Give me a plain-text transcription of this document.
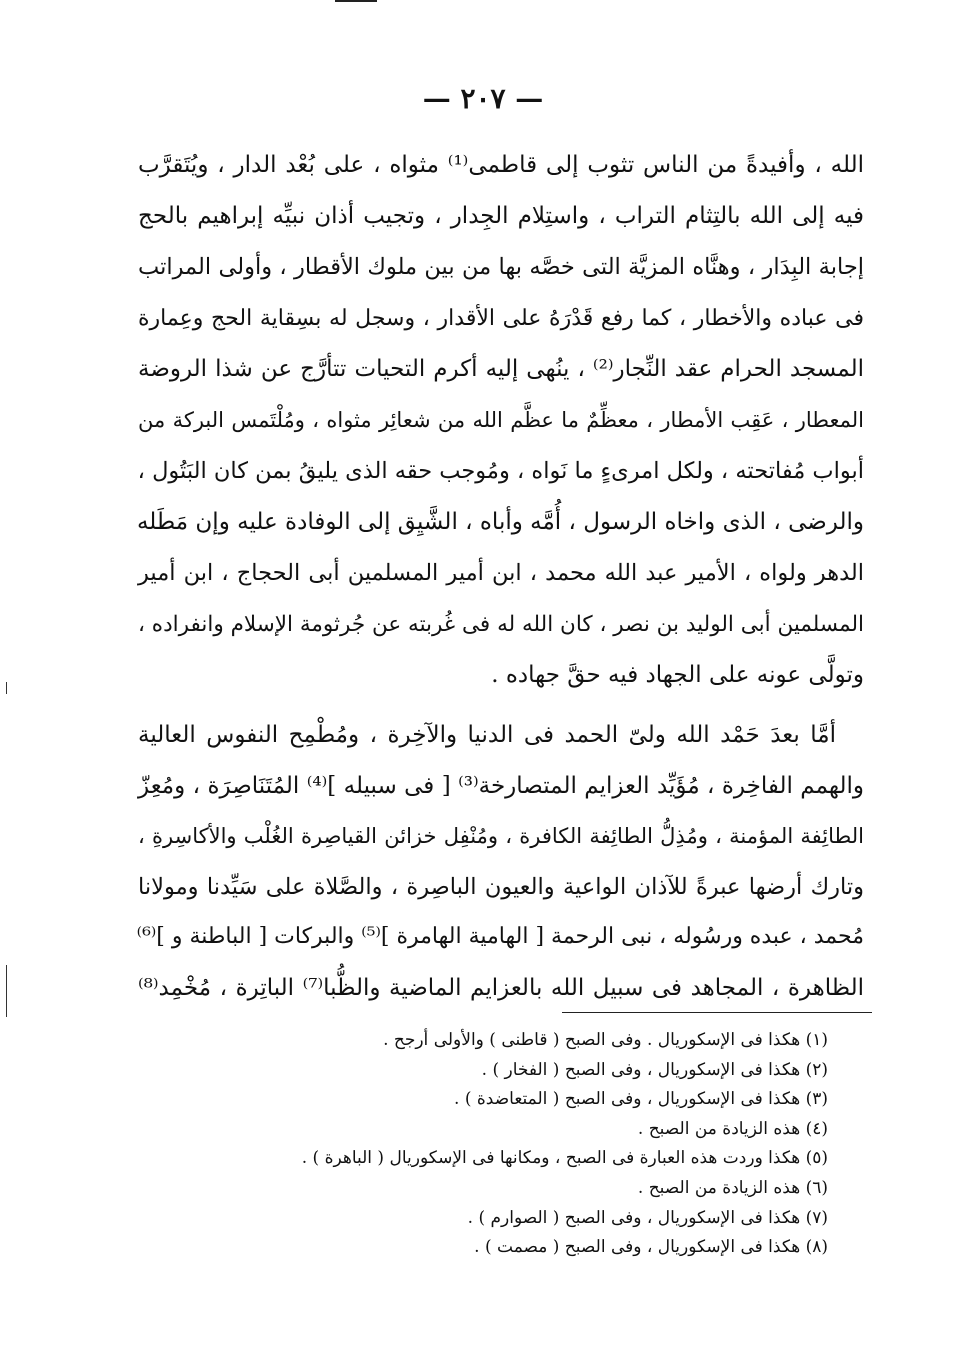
— ٢٠٧ —
الله ، وأفيدةً من الناس تثوب إلى قاطمى⁽¹⁾ مثواه ، على بُعْد الدار ، ويُتَقرَّب
فيه إلى الله بالتِثام التراب ، واستِلام الجِدار ، وتجيب أذان نبيِّه إبراهيم بالحج
إجابة البِدَار ، وهنَّاه المزيَّة التى خصَّه بها من بين ملوك الأقطار ، وأولى المراتب
فى عباده والأخطار ، كما رفع قَدْرَهُ على الأقدار ، وسجل له بسِقاية الحج وعِمارة
المسجد الحرام عقد النِّجار⁽²⁾ ، ينُهى إليه أكرم التحيات تتأرَّج عن شذا الروضة
المعطار ، عَقِب الأمطار ، معظِّمٌ ما عظَّم الله من شعائِر مثواه ، ومُلْتَمس البركة من
أبواب مُفاتحته ، ولكل امرىءٍ ما نَواه ، ومُوجب حقه الذى يليقُ بمن كان البَتُول ،
والرضى ، الذى واخاه الرسول ، أُمَّه وأباه ، الشَّيِق إلى الوفادة عليه وإن مَطَله
الدهر ولواه ، الأمير عبد الله محمد ، ابن أمير المسلمين أبى الحجاج ، ابن أمير
المسلمين أبى الوليد بن نصر ، كان الله له فى غُربته عن جُرثومة الإسلام وانفراده ،
وتولَّى عونه على الجهاد فيه حقَّ جهاده .
أمَّا بعدَ حَمْد الله ولىّ الحمد فى الدنيا والآخِرة ، ومُطْمِح النفوس العالية
والهمم الفاخِرة ، مُؤَيِّد العزايم المتصارخة⁽³⁾ [ فى سبيله ]⁽⁴⁾ المُتَنَاصِرَة ، ومُعِزّ
الطائِفة المؤمنة ، ومُذِلُّ الطائِفة الكافرة ، ومُنْفِل خزائن القياصِرة الغُلْب والأكاسِرةِ ،
وتارك أرضها عبرةً للآذان الواعية والعيون الباصِرة ، والصَّلاة على سَيِّدنا ومولانا
مُحمد ، عبده ورسُوله ، نبى الرحمة [ الهامية الهامرة ]⁽⁵⁾ والبركات [ الباطنة و ]⁽⁶⁾
الظاهرة ، المجاهد فى سبيل الله بالعزايم الماضية والظُّبا⁽⁷⁾ الباتِرة ، مُخْمِد⁽⁸⁾
(١) هكذا فى الإسكوريال . وفى الصبح ( قاطنى ) والأولى أرجح .
(٢) هكذا فى الإسكوريال ، وفى الصبح ( الفخار ) .
(٣) هكذا فى الإسكوريال ، وفى الصبح ( المتعاضدة ) .
(٤) هذه الزيادة من الصبح .
(٥) هكذا وردت هذه العبارة فى الصبح ، ومكانها فى الإسكوريال ( الباهرة ) .
(٦) هذه الزيادة من الصبح .
(٧) هكذا فى الإسكوريال ، وفى الصبح ( الصوارم ) .
(٨) هكذا فى الإسكوريال ، وفى الصبح ( مصمت ) .
